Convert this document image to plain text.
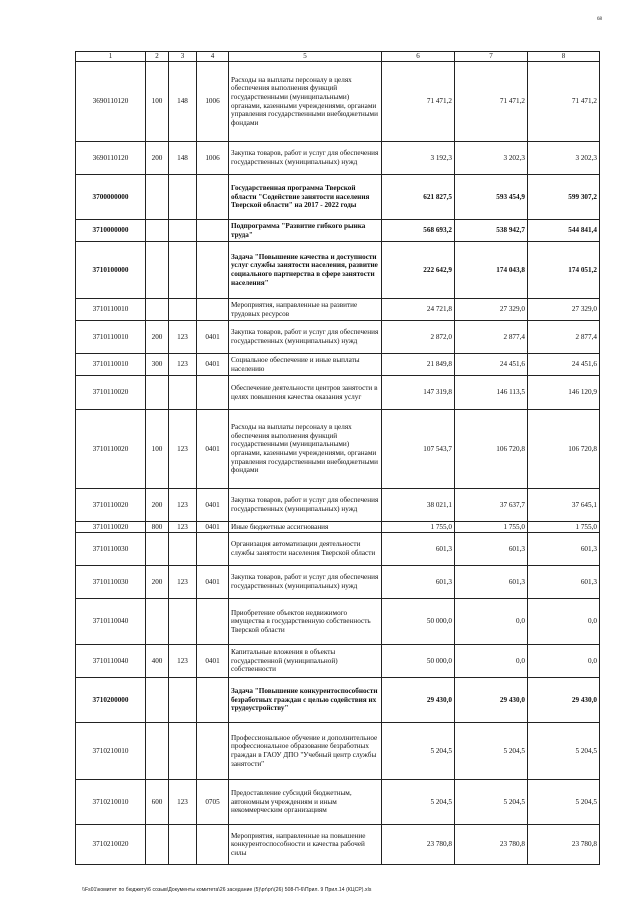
68
1	2	3	4	5	6	7	8
3690110120	100	148	1006	Расходы на выплаты персоналу в целях обеспечения выполнения функций государственными (муниципальными) органами, казенными учреждениями, органами управления государственными внебюджетными фондами	71 471,2	71 471,2	71 471,2
3690110120	200	148	1006	Закупка товаров, работ и услуг для обеспечения государственных (муниципальных) нужд	3 192,3	3 202,3	3 202,3
3700000000				Государственная программа Тверской области "Содействие занятости населения Тверской области" на 2017 - 2022 годы	621 827,5	593 454,9	599 307,2
3710000000				Подпрограмма "Развитие гибкого рынка труда"	568 693,2	538 942,7	544 841,4
3710100000				Задача "Повышение качества и доступности услуг службы занятости населения, развитие социального партнерства в сфере занятости населения"	222 642,9	174 043,8	174 051,2
3710110010				Мероприятия, направленные на развитие трудовых ресурсов	24 721,8	27 329,0	27 329,0
3710110010	200	123	0401	Закупка товаров, работ и услуг для обеспечения государственных (муниципальных) нужд	2 872,0	2 877,4	2 877,4
3710110010	300	123	0401	Социальное обеспечение и иные выплаты населению	21 849,8	24 451,6	24 451,6
3710110020				Обеспечение деятельности центров занятости в целях повышения качества оказания услуг	147 319,8	146 113,5	146 120,9
3710110020	100	123	0401	Расходы на выплаты персоналу в целях обеспечения выполнения функций государственными (муниципальными) органами, казенными учреждениями, органами управления государственными внебюджетными фондами	107 543,7	106 720,8	106 720,8
3710110020	200	123	0401	Закупка товаров, работ и услуг для обеспечения государственных (муниципальных) нужд	38 021,1	37 637,7	37 645,1
3710110020	800	123	0401	Иные бюджетные ассигнования	1 755,0	1 755,0	1 755,0
3710110030				Организация автоматизации деятельности службы занятости населения Тверской области	601,3	601,3	601,3
3710110030	200	123	0401	Закупка товаров, работ и услуг для обеспечения государственных (муниципальных) нужд	601,3	601,3	601,3
3710110040				Приобретение объектов недвижимого имущества в государственную собственность Тверской области	50 000,0	0,0	0,0
3710110040	400	123	0401	Капитальные вложения в объекты государственной (муниципальной) собственности	50 000,0	0,0	0,0
3710200000				Задача "Повышение конкурентоспособности безработных граждан с целью содействия их трудоустройству"	29 430,0	29 430,0	29 430,0
3710210010				Профессиональное обучение и дополнительное профессиональное образование безработных граждан в ГАОУ ДПО "Учебный центр службы занятости"	5 204,5	5 204,5	5 204,5
3710210010	600	123	0705	Предоставление субсидий бюджетным, автономным учреждениям и иным некоммерческим организациям	5 204,5	5 204,5	5 204,5
3710210020				Мероприятия, направленные на повышение конкурентоспособности и качества рабочей силы	23 780,8	23 780,8	23 780,8
\\Fs01\комитет по бюджету\6 созыв\Документы комитета\26 заседание (5)\pr\pr\(26) 508-П-6\Прил. 9 Прил.14 (КЦСР).xls
